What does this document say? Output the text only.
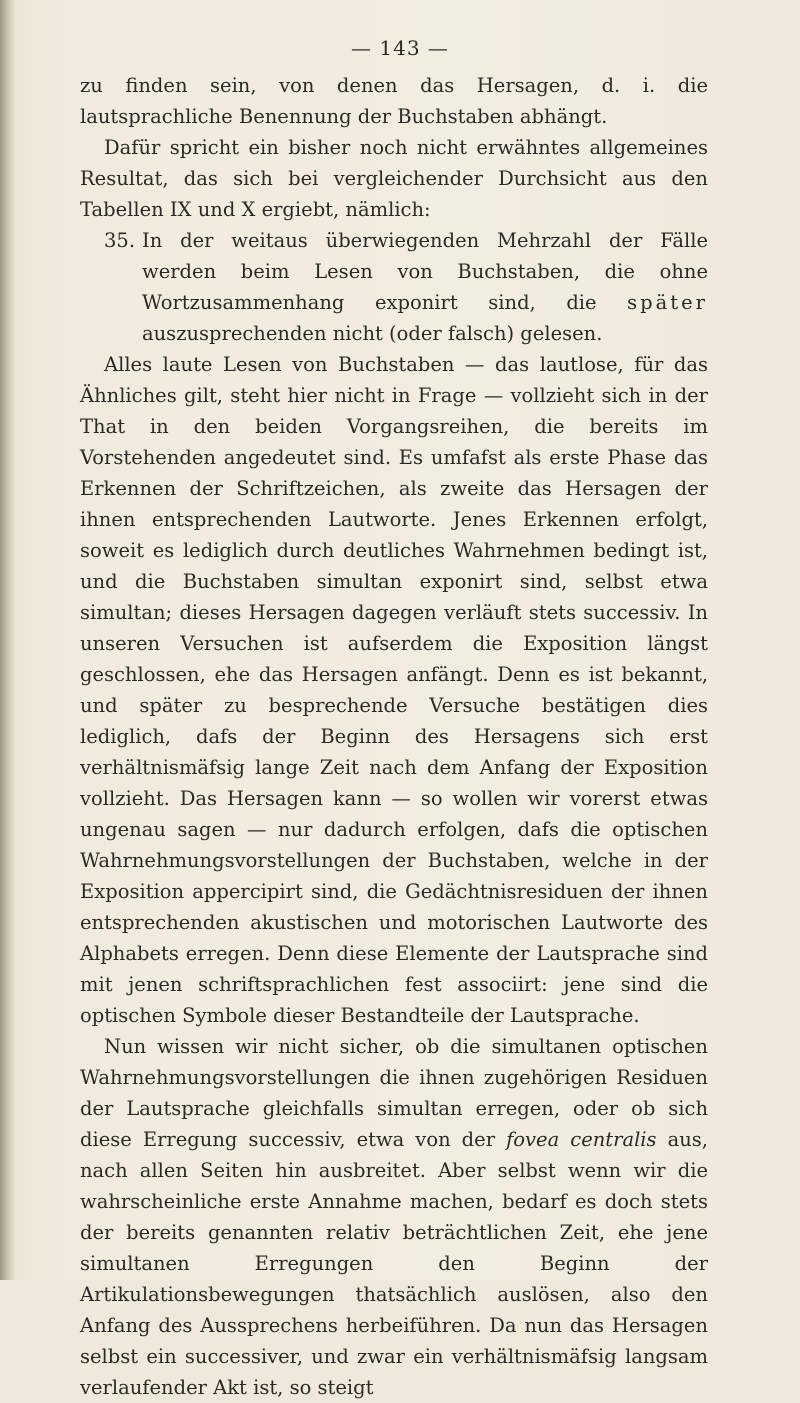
— 143 —

zu finden sein, von denen das Hersagen, d. i. die lautsprachliche Benennung der Buchstaben abhängt.

Dafür spricht ein bisher noch nicht erwähntes allgemeines Resultat, das sich bei vergleichender Durchsicht aus den Tabellen IX und X ergiebt, nämlich:

35. In der weitaus überwiegenden Mehrzahl der Fälle werden beim Lesen von Buchstaben, die ohne Wortzusammenhang exponirt sind, die später auszusprechenden nicht (oder falsch) gelesen.

Alles laute Lesen von Buchstaben — das lautlose, für das Ähnliches gilt, steht hier nicht in Frage — vollzieht sich in der That in den beiden Vorgangsreihen, die bereits im Vorstehenden angedeutet sind. Es umfafst als erste Phase das Erkennen der Schriftzeichen, als zweite das Hersagen der ihnen entsprechenden Lautworte. Jenes Erkennen erfolgt, soweit es lediglich durch deutliches Wahrnehmen bedingt ist, und die Buchstaben simultan exponirt sind, selbst etwa simultan; dieses Hersagen dagegen verläuft stets successiv. In unseren Versuchen ist aufserdem die Exposition längst geschlossen, ehe das Hersagen anfängt. Denn es ist bekannt, und später zu besprechende Versuche bestätigen dies lediglich, dafs der Beginn des Hersagens sich erst verhältnismäfsig lange Zeit nach dem Anfang der Exposition vollzieht. Das Hersagen kann — so wollen wir vorerst etwas ungenau sagen — nur dadurch erfolgen, dafs die optischen Wahrnehmungsvorstellungen der Buchstaben, welche in der Exposition appercipirt sind, die Gedächtnisresiduen der ihnen entsprechenden akustischen und motorischen Lautworte des Alphabets erregen. Denn diese Elemente der Lautsprache sind mit jenen schriftsprachlichen fest associirt: jene sind die optischen Symbole dieser Bestandteile der Lautsprache.

Nun wissen wir nicht sicher, ob die simultanen optischen Wahrnehmungsvorstellungen die ihnen zugehörigen Residuen der Lautsprache gleichfalls simultan erregen, oder ob sich diese Erregung successiv, etwa von der fovea centralis aus, nach allen Seiten hin ausbreitet. Aber selbst wenn wir die wahrscheinliche erste Annahme machen, bedarf es doch stets der bereits genannten relativ beträchtlichen Zeit, ehe jene simultanen Erregungen den Beginn der Artikulationsbewegungen thatsächlich auslösen, also den Anfang des Aussprechens herbeiführen. Da nun das Hersagen selbst ein successiver, und zwar ein verhältnismäfsig langsam verlaufender Akt ist, so steigt
